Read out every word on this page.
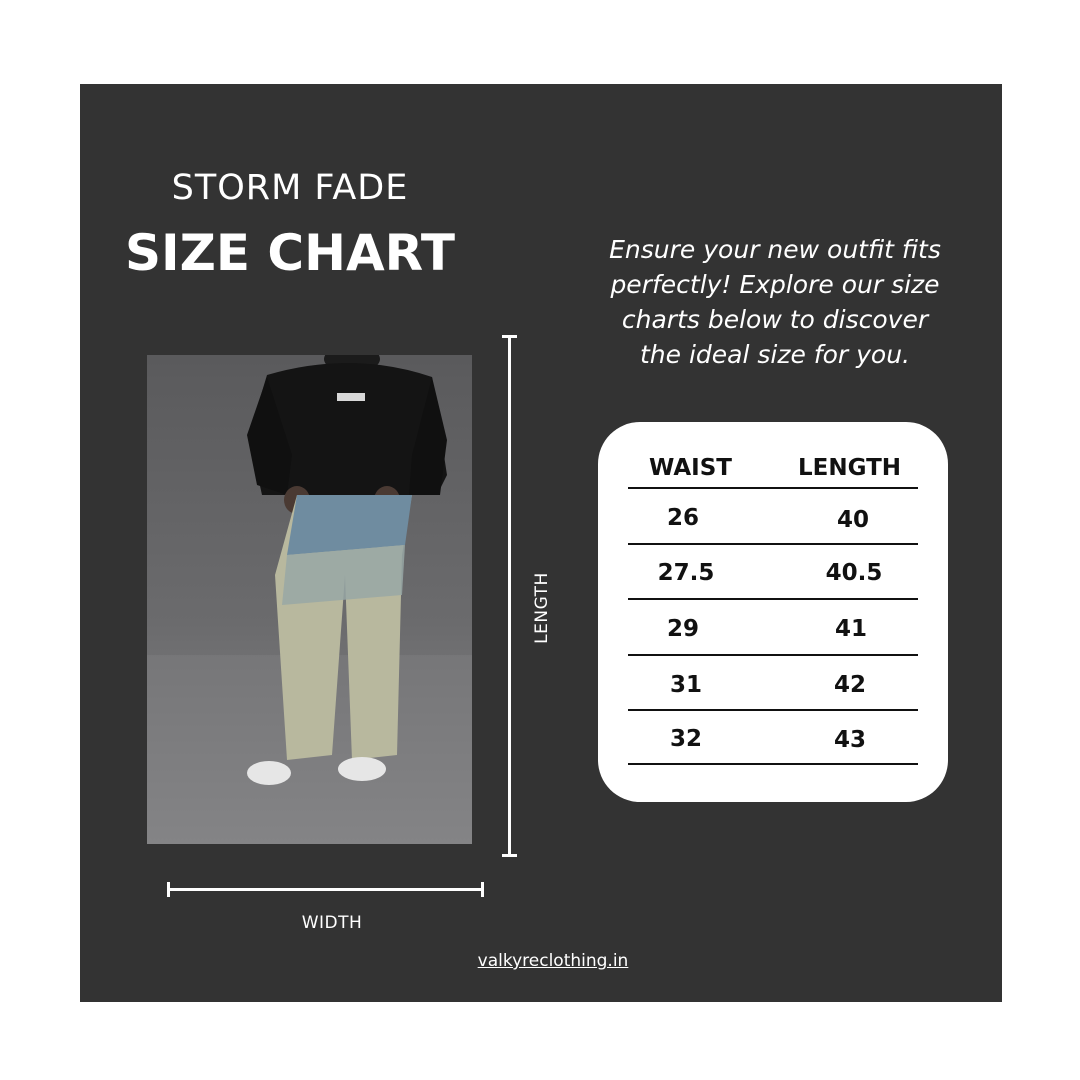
STORM FADE
SIZE CHART	Ensure your new outfit fits
perfectly! Explore our size
charts below to discover
the ideal size for you.
LENGTH
WIDTH
WAIST	LENGTH
26	40
27.5	40.5
29	41
31	42
32	43
valkyreclothing.in
